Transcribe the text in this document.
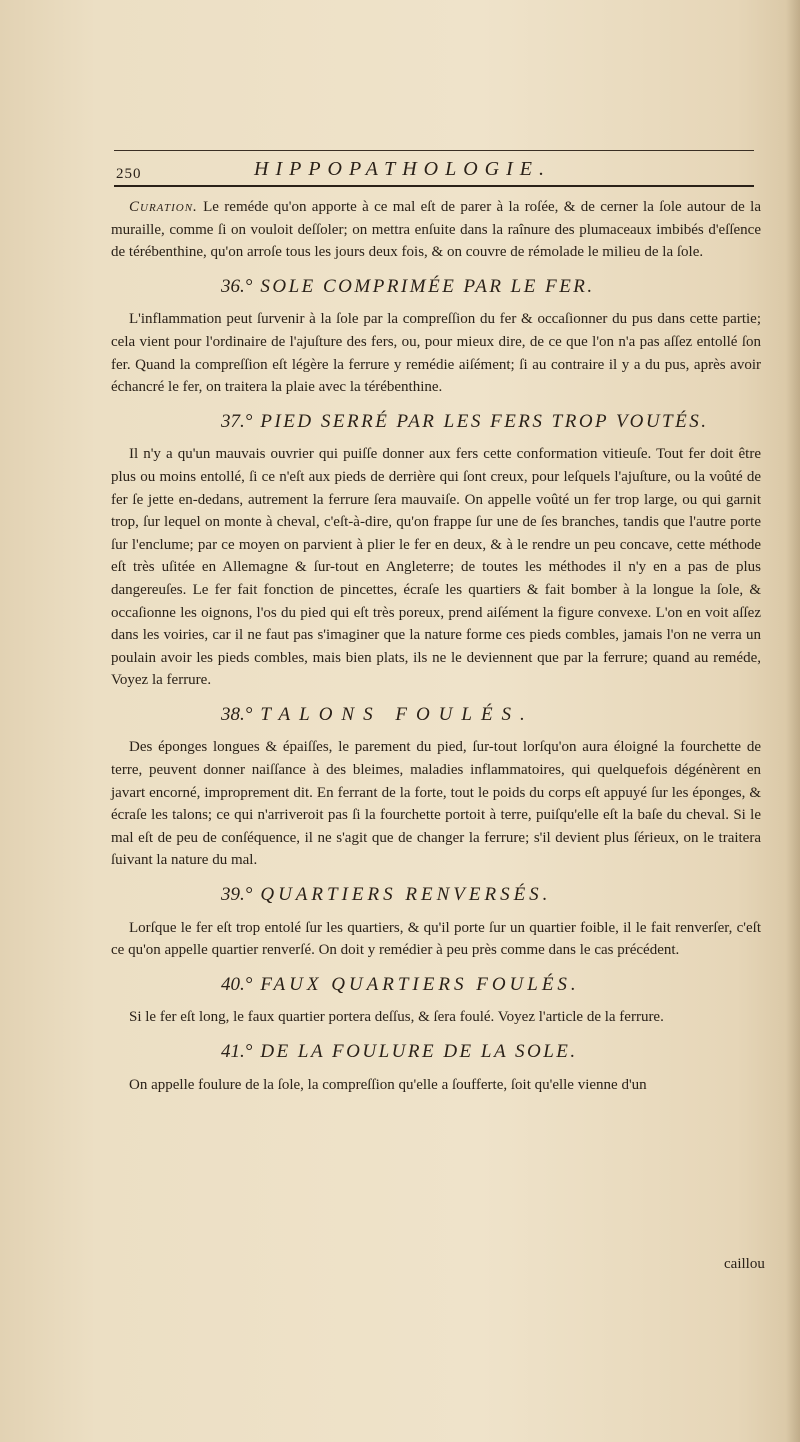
250	HIPPOPATHOLOGIE.

Curation. Le reméde qu'on apporte à ce mal eſt de parer à la roſée, & de cerner la ſole autour de la muraille, comme ſi on vouloit deſſoler; on mettra enſuite dans la raînure des plumaceaux imbibés d'eſſence de térébenthine, qu'on arroſe tous les jours deux fois, & on couvre de rémolade le milieu de la ſole.

36.° SOLE COMPRIMÉE PAR LE FER.

L'inflammation peut ſurvenir à la ſole par la compreſſion du fer & occaſionner du pus dans cette partie; cela vient pour l'ordinaire de l'ajuſture des fers, ou, pour mieux dire, de ce que l'on n'a pas aſſez entollé ſon fer. Quand la compreſſion eſt légère la ferrure y remédie aiſément; ſi au contraire il y a du pus, après avoir échancré le fer, on traitera la plaie avec la térébenthine.

37.° PIED SERRÉ PAR LES FERS TROP VOUTÉS.

Il n'y a qu'un mauvais ouvrier qui puiſſe donner aux fers cette conformation vitieuſe. Tout fer doit être plus ou moins entollé, ſi ce n'eſt aux pieds de derrière qui ſont creux, pour leſquels l'ajuſture, ou la voûté de fer ſe jette en-dedans, autrement la ferrure ſera mauvaiſe. On appelle voûté un fer trop large, ou qui garnit trop, ſur lequel on monte à cheval, c'eſt-à-dire, qu'on frappe ſur une de ſes branches, tandis que l'autre porte ſur l'enclume; par ce moyen on parvient à plier le fer en deux, & à le rendre un peu concave, cette méthode eſt très uſitée en Allemagne & ſur-tout en Angleterre; de toutes les méthodes il n'y en a pas de plus dangereuſes. Le fer fait fonction de pincettes, écraſe les quartiers & fait bomber à la longue la ſole, & occaſionne les oignons, l'os du pied qui eſt très poreux, prend aiſément la figure convexe. L'on en voit aſſez dans les voiries, car il ne faut pas s'imaginer que la nature forme ces pieds combles, jamais l'on ne verra un poulain avoir les pieds combles, mais bien plats, ils ne le deviennent que par la ferrure; quand au reméde, Voyez la ferrure.

38.° TALONS FOULÉS.

Des éponges longues & épaiſſes, le parement du pied, ſur-tout lorſqu'on aura éloigné la fourchette de terre, peuvent donner naiſſance à des bleimes, maladies inflammatoires, qui quelquefois dégénèrent en javart encorné, improprement dit. En ferrant de la forte, tout le poids du corps eſt appuyé ſur les éponges, & écraſe les talons; ce qui n'arriveroit pas ſi la fourchette portoit à terre, puiſqu'elle eſt la baſe du cheval. Si le mal eſt de peu de conſéquence, il ne s'agit que de changer la ferrure; s'il devient plus ſérieux, on le traitera ſuivant la nature du mal.

39.° QUARTIERS RENVERSÉS.

Lorſque le fer eſt trop entolé ſur les quartiers, & qu'il porte ſur un quartier foible, il le fait renverſer, c'eſt ce qu'on appelle quartier renverſé. On doit y remédier à peu près comme dans le cas précédent.

40.° FAUX QUARTIERS FOULÉS.

Si le fer eſt long, le faux quartier portera deſſus, & ſera foulé. Voyez l'article de la ferrure.

41.° DE LA FOULURE DE LA SOLE.

On appelle foulure de la ſole, la compreſſion qu'elle a ſoufferte, ſoit qu'elle vienne d'un

caillou
